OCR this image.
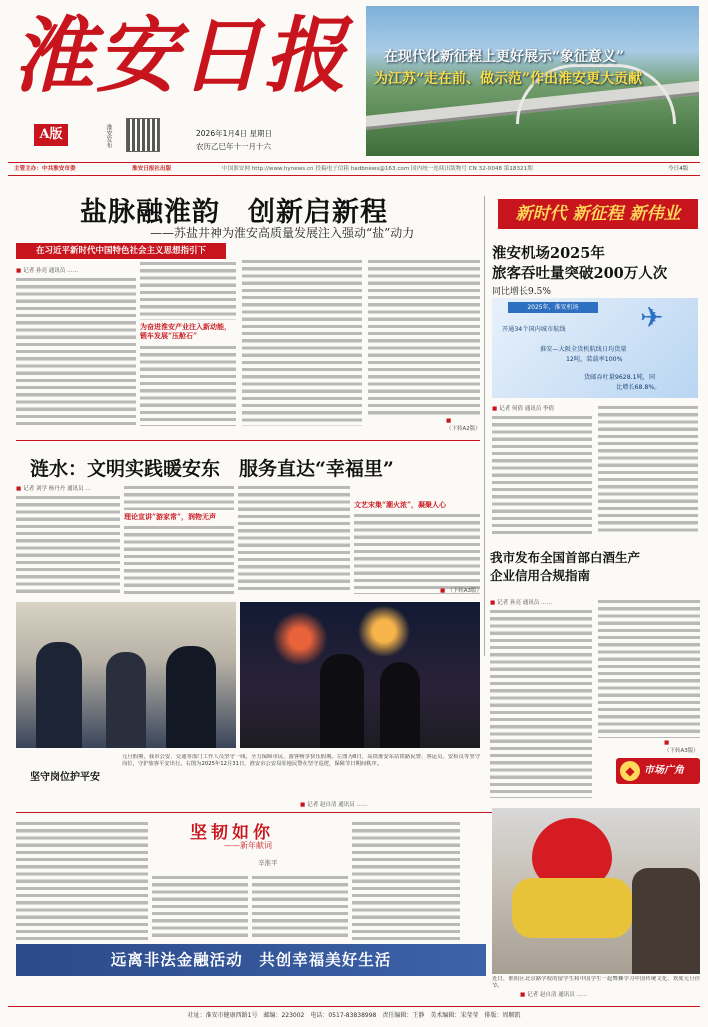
淮安日报
A版	淮安发布	2026年1月4日 星期日
农历乙巳年十一月十六
在现代化新征程上更好展示“象征意义”
为江苏“走在前、做示范”作出淮安更大贡献
主管主办：中共淮安市委	淮安日报社出版	中国淮安网 http://www.hynews.cn 投稿电子信箱 hadbnews@163.com 国内统一连续出版物号 CN 32-0048 第18321期	今日4版
盐脉融淮韵　创新启新程
——苏盐井神为淮安高质量发展注入强动“盐”动力
在习近平新时代中国特色社会主义思想指引下
新时代 新征程 新伟业
■ 记者 孙亮 通讯员 ……
为奋进淮安产业注入新动能，锻车发展“压舱石”
■ （下转A2版）
淮安机场2025年
旅客吞吐量突破200万人次
同比增长9.5%
2025年，淮安机场	✈
开通34个国内城市航线
淮安—大阪全货机航线日均货量
12吨，装载率100%
货邮吞吐量9628.1吨，同
比增长68.8%。
■ 记者 何倩 通讯员 李倩
涟水：文明实践暖安东　服务直达“幸福里”
■ 记者 刘学 杨丹丹 通讯员 …
理论宣讲“游家常”，润物无声
文艺宋集“潮火浓”，凝聚人心
■ （下转A3版）
我市发布全国首部白酒生产
企业信用合规指南
■ 记者 孙亮 通讯员 ……
■ （下转A3版）
◆ 市场广角
坚守岗位护平安
元旦假期，我市公安、交通等部门工作人员坚守一线，全力保障市民、游客畅享快乐假期。左图为8日，高铁淮安东站铁路民警、客运员、安检员等坚守岗位，守护旅客平安出行。右图为2025年12月31日，淮安市公安局驻地民警在坚守巡逻，保障节日期间秩序。
■ 记者 赵自清 通讯员 ……
坚韧如你
——新年献词
辛淮平
近日，淮阴区北京路学校的留学生和中国学生一起舞狮学习中国传统文化，欢度元旦佳节。
■ 记者 赵自清 通讯员 ……
远离非法金融活动　共创幸福美好生活
社址：淮安市健康西路1号　邮编：223002　电话：0517-83838998　责任编辑：王静　美术编辑：宋莹莹　排版：周顺凯
